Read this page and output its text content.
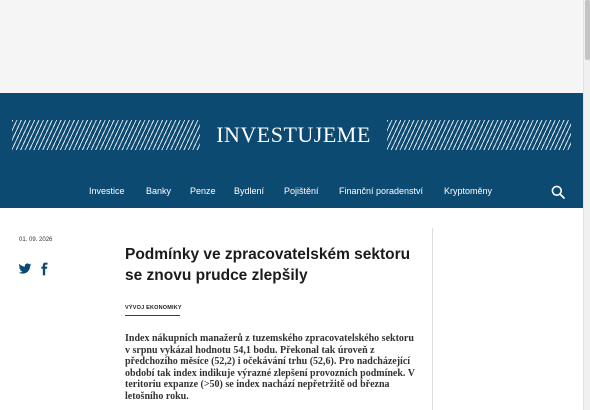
INVESTUJEME
Investice Banky Penze Bydlení Pojištění Finanční poradenství Kryptoměny
01. 09. 2026
Podmínky ve zpracovatelském sektoru se znovu prudce zlepšily
VÝVOJ EKONOMIKY

Index nákupních manažerů z tuzemského zpracovatelského sektoru v srpnu vykázal hodnotu 54,1 bodu. Překonal tak úroveň z předchozího měsíce (52,2) i očekávání trhu (52,6). Pro nadcházející období tak index indikuje výrazné zlepšení provozních podmínek. V teritoriu expanze (>50) se index nachází nepřetržitě od března letošního roku.
